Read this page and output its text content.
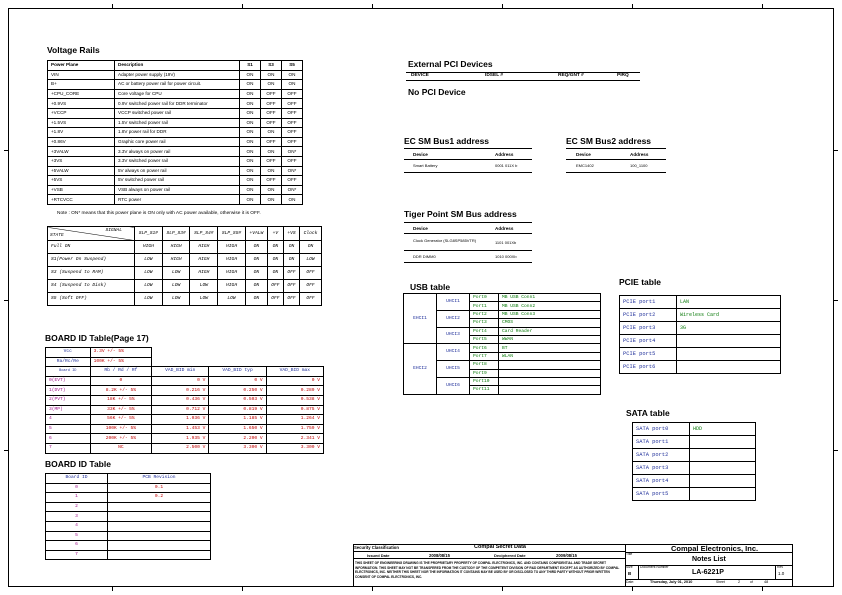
Voltage Rails
Power Plane	Description	S1	S3	S5
VIN	Adapter power supply (19V)	ON	ON	ON
B+	AC or battery power rail for power circuit.	ON	ON	ON
+CPU_CORE	Core voltage for CPU	ON	OFF	OFF
+0.9VS	0.9V switched power rail for DDR terminator	ON	OFF	OFF
+VCCP	VCCP switched power rail	ON	OFF	OFF
+1.5VS	1.5V switched power rail	ON	OFF	OFF
+1.8V	1.8V power rail for DDR	ON	ON	OFF
+0.86V	Graphic core power rail	ON	OFF	OFF
+3VALW	3.3V always on power rail	ON	ON	ON*
+3VS	3.3V switched power rail	ON	OFF	OFF
+5VALW	5V always on power rail	ON	ON	ON*
+5VS	5V switched power rail	ON	OFF	OFF
+VSB	VSB always on power rail	ON	ON	ON*
+RTCVCC	RTC power	ON	ON	ON
Note : ON* means that this power plane is ON only with AC power available, otherwise it is OFF.
SIGNAL
STATE	SLP_S1#	SLP_S3#	SLP_S4#	SLP_S5#	+VALW	+V	+VS	Clock
Full ON	HIGH	HIGH	HIGH	HIGH	ON	ON	ON	ON
S1(Power On Suspend)	LOW	HIGH	HIGH	HIGH	ON	ON	ON	LOW
S3 (Suspend to RAM)	LOW	LOW	HIGH	HIGH	ON	ON	OFF	OFF
S4 (Suspend to Disk)	LOW	LOW	LOW	HIGH	ON	OFF	OFF	OFF
S5 (Soft OFF)	LOW	LOW	LOW	LOW	ON	OFF	OFF	OFF
BOARD ID Table(Page 17)
Vcc	3.3V +/- 5%			
Ra/Rc/Re	100K +/- 5%			
Board ID	Rb / Rd / Rf	VAD_BID min	VAD_BID typ	VAD_BID max
0(EVT)	0	0 V	0 V	0 V
1(DVT)	8.2K +/- 5%	0.216 V	0.250 V	0.289 V
2(PVT)	18K +/- 5%	0.436 V	0.503 V	0.538 V
3(MP)	33K +/- 5%	0.712 V	0.819 V	0.875 V
4	56K +/- 5%	1.036 V	1.185 V	1.264 V
5	100K +/- 5%	1.453 V	1.650 V	1.759 V
6	200K +/- 5%	1.935 V	2.200 V	2.341 V
7	NC	2.500 V	3.300 V	3.300 V
BOARD ID Table
Board ID	PCB Revision
0	0.1
1	0.2
2	
3	
4	
5	
6	
7	
External PCI Devices
DEVICE	IDSEL #	REQ/GNT #	PIRQ
No PCI Device
EC SM Bus1 address
Device	Address
Smart Battery	0001 011X b
EC SM Bus2 address
Device	Address
EMC1402	100_1100
Tiger Point SM Bus address
Device	Address
Clock Generator (SLG8SP585VTR)	1101 001Xb
DDR DIMM0	1010 000Xb
USB table
EHCI1	UHCI1	Port0	MB USB Conn1
		Port1	MB USB Conn2
	UHCI2	Port2	MB USB Conn3
		Port3	CMOS
	UHCI3	Port4	Card Reader
		Port5	WWAN
EHCI2	UHCI4	Port6	BT
		Port7	WLAN
	UHCI5	Port8	
		Port9	
	UHCI6	Port10	
		Port11	
PCIE table
PCIE port1	LAN
PCIE port2	Wireless Card
PCIE port3	3G
PCIE port4	
PCIE port5	
PCIE port6	
SATA table
SATA port0	HDD
SATA port1	
SATA port2	
SATA port3	
SATA port4	
SATA port5	
Security Classification	Compal Secret Data
Issued Date	2008/08/15	Deciphered Date	2009/08/15
THIS SHEET OF ENGINEERING DRAWING IS THE PROPRIETARY PROPERTY OF COMPAL ELECTRONICS, INC. AND CONTAINS CONFIDENTIAL AND TRADE SECRET INFORMATION. THIS SHEET MAY NOT BE TRANSFERED FROM THE CUSTODY OF THE COMPETENT DIVISION OF R&D DEPARTMENT EXCEPT AS AUTHORIZED BY COMPAL ELECTRONICS, INC. NEITHER THIS SHEET NOR THE INFORMATION IT CONTAINS MAY BE USED BY OR DISCLOSED TO ANY THIRD PARTY WITHOUT PRIOR WRITTEN CONSENT OF COMPAL ELECTRONICS, INC.
Compal Electronics, Inc.
Title
Notes List
Size
B
Document Number
LA-6221P
Rev
1.0
Date:	Thursday, July 01, 2010	Sheet	2	of	48
